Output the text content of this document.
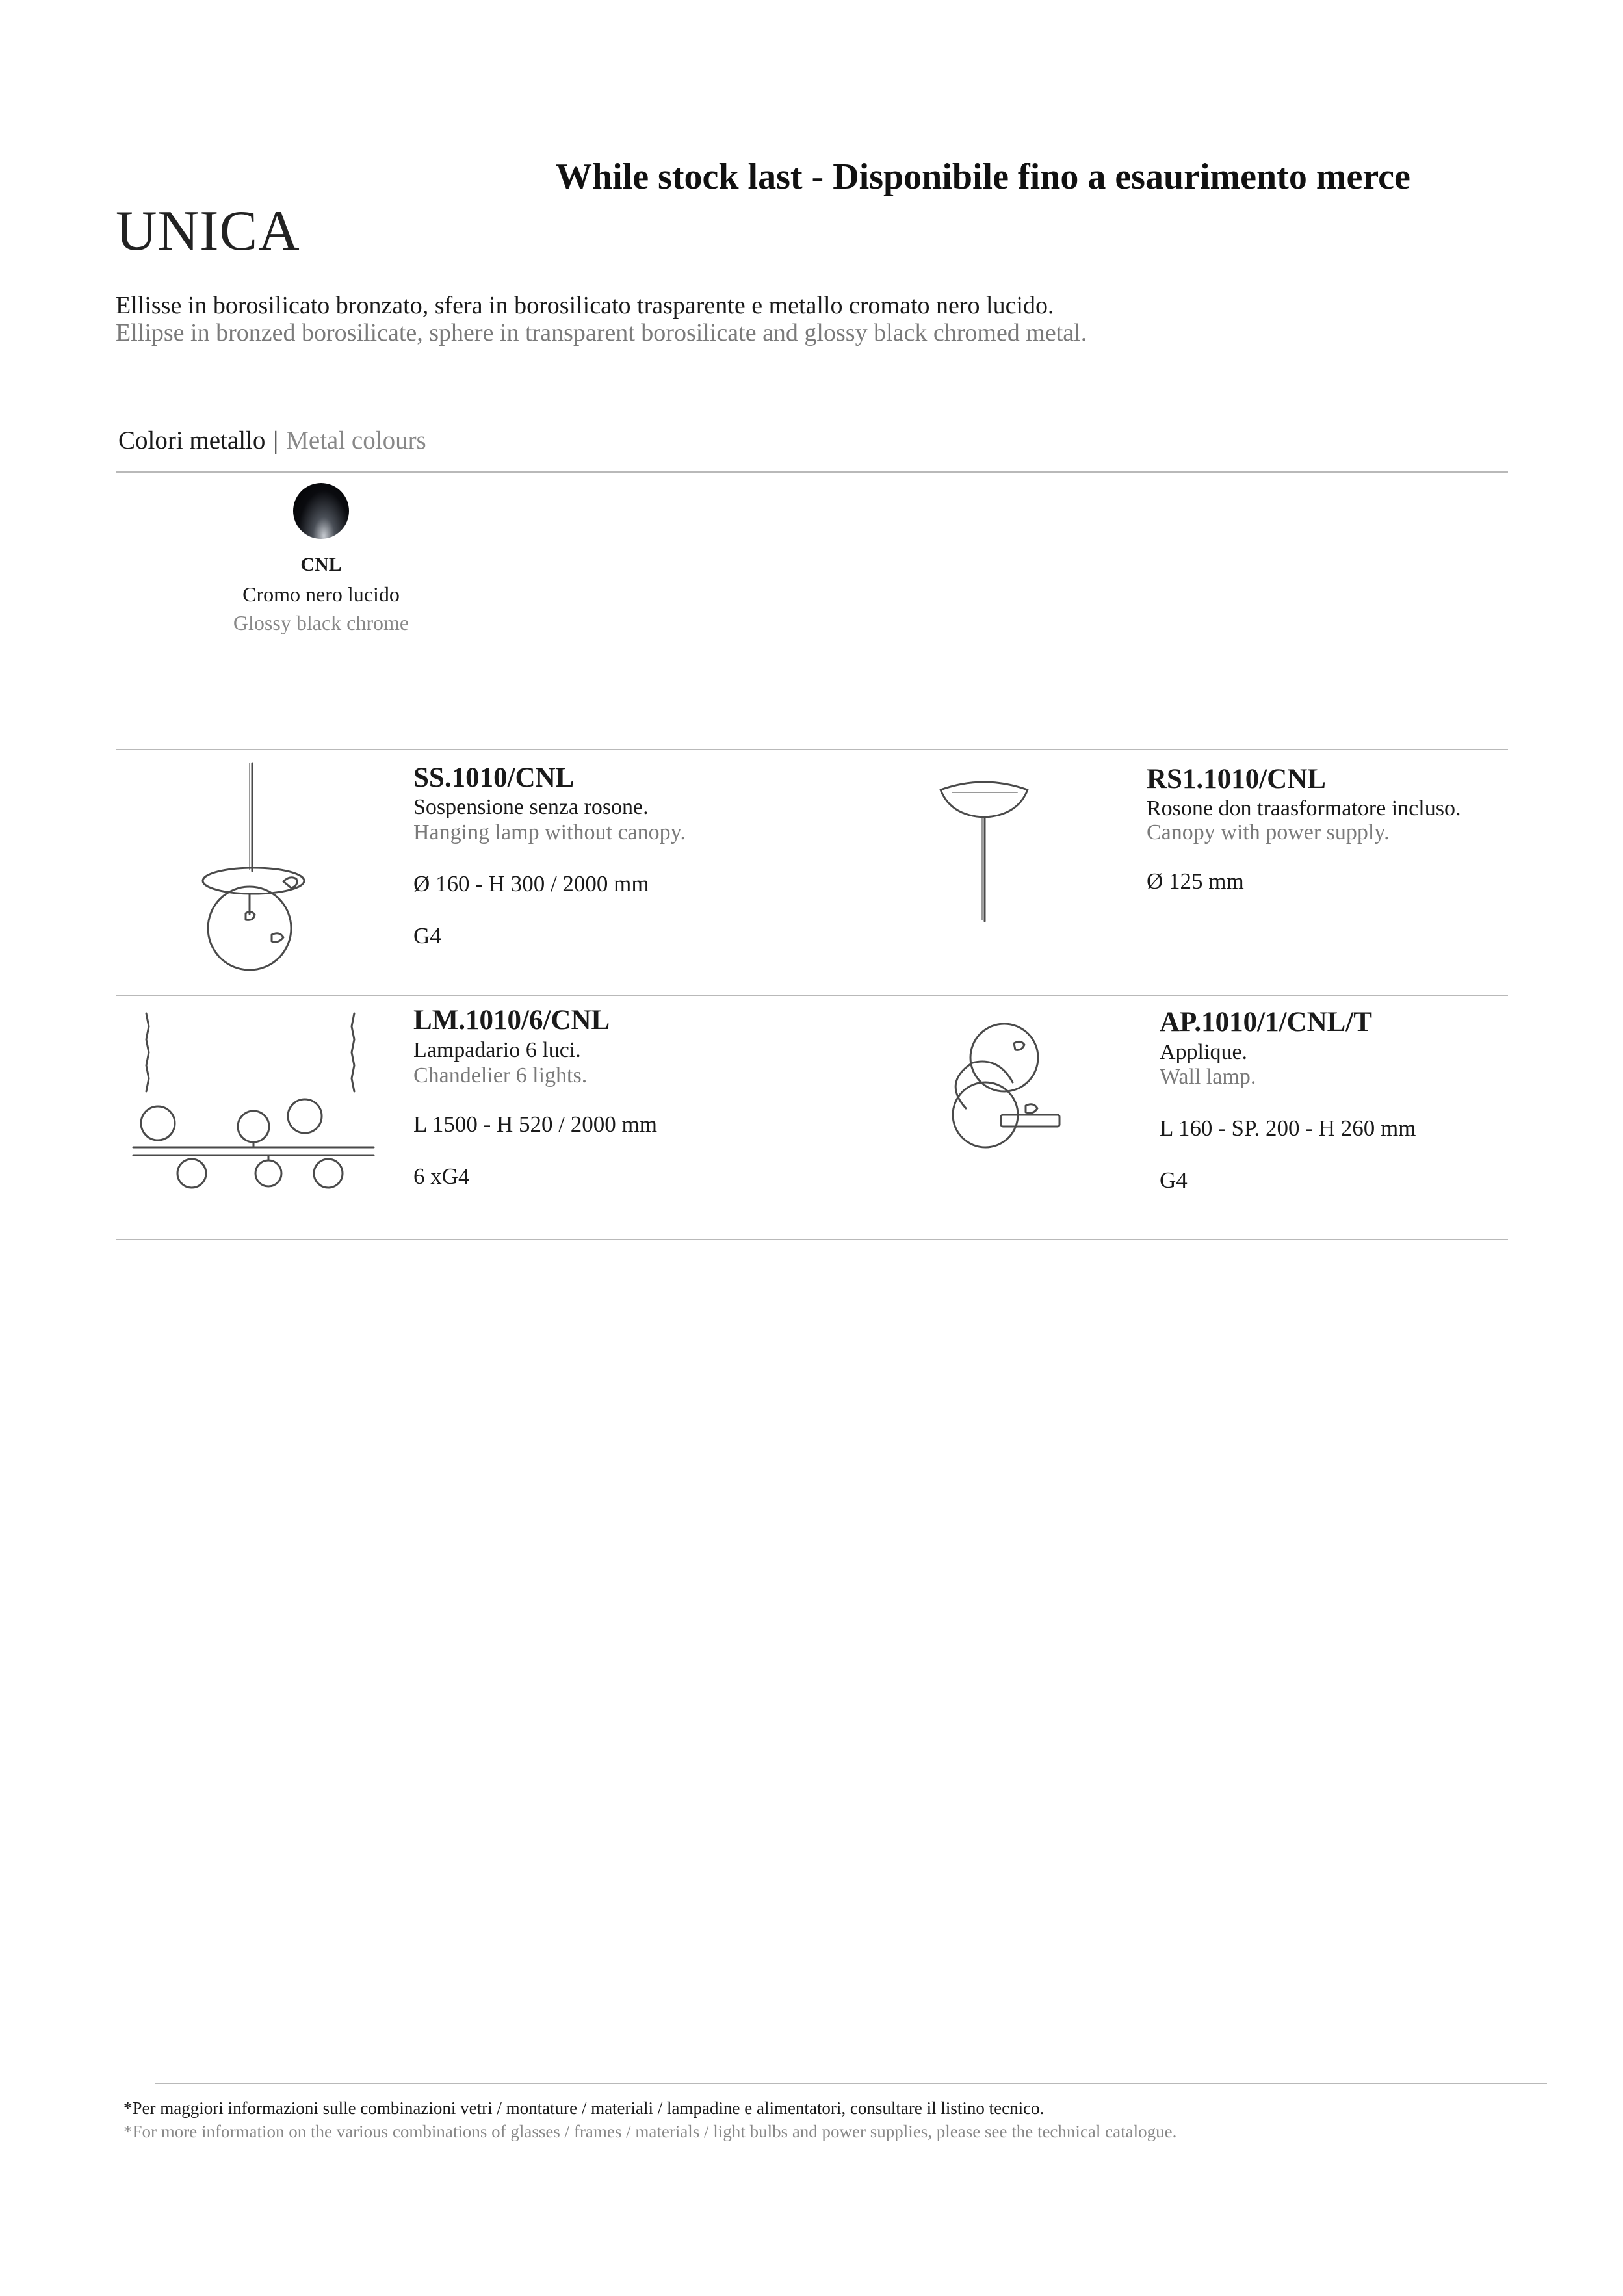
While stock last - Disponibile fino a esaurimento merce
UNICA
Ellisse in borosilicato bronzato, sfera in borosilicato trasparente e metallo cromato nero lucido.
Ellipse in bronzed borosilicate, sphere in transparent borosilicate and glossy black chromed metal.
Colori metallo | Metal colours
CNL
Cromo nero lucido
Glossy black chrome
SS.1010/CNL
Sospensione senza rosone.
Hanging lamp without canopy.
Ø 160 - H 300 / 2000 mm
G4
RS1.1010/CNL
Rosone don traasformatore incluso.
Canopy with power supply.
Ø 125 mm
LM.1010/6/CNL
Lampadario 6 luci.
Chandelier 6 lights.
L 1500 - H 520 / 2000 mm
6 xG4
AP.1010/1/CNL/T
Applique.
Wall lamp.
L 160 - SP. 200 - H 260 mm
G4
*Per maggiori informazioni sulle combinazioni vetri / montature / materiali / lampadine e alimentatori, consultare il listino tecnico.
*For more information on the various combinations of glasses / frames / materials / light bulbs and power supplies, please see the technical catalogue.
